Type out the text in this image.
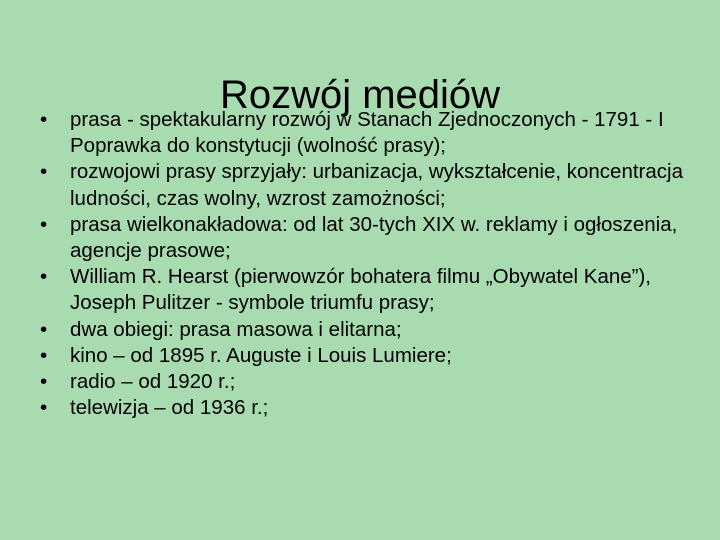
Rozwój mediów
•	prasa - spektakularny rozwój w Stanach Zjednoczonych - 1791 - I Poprawka do konstytucji (wolność prasy);
•	rozwojowi prasy sprzyjały: urbanizacja, wykształcenie, koncentracja ludności, czas wolny, wzrost zamożności;
•	prasa wielkonakładowa: od lat 30-tych XIX w. reklamy i ogłoszenia, agencje prasowe;
•	William R. Hearst (pierwowzór bohatera filmu „Obywatel Kane”), Joseph Pulitzer - symbole triumfu prasy;
•	dwa obiegi: prasa masowa i elitarna;
•	kino – od 1895 r. Auguste i Louis Lumiere;
•	radio – od 1920 r.;
•	telewizja – od 1936 r.;
